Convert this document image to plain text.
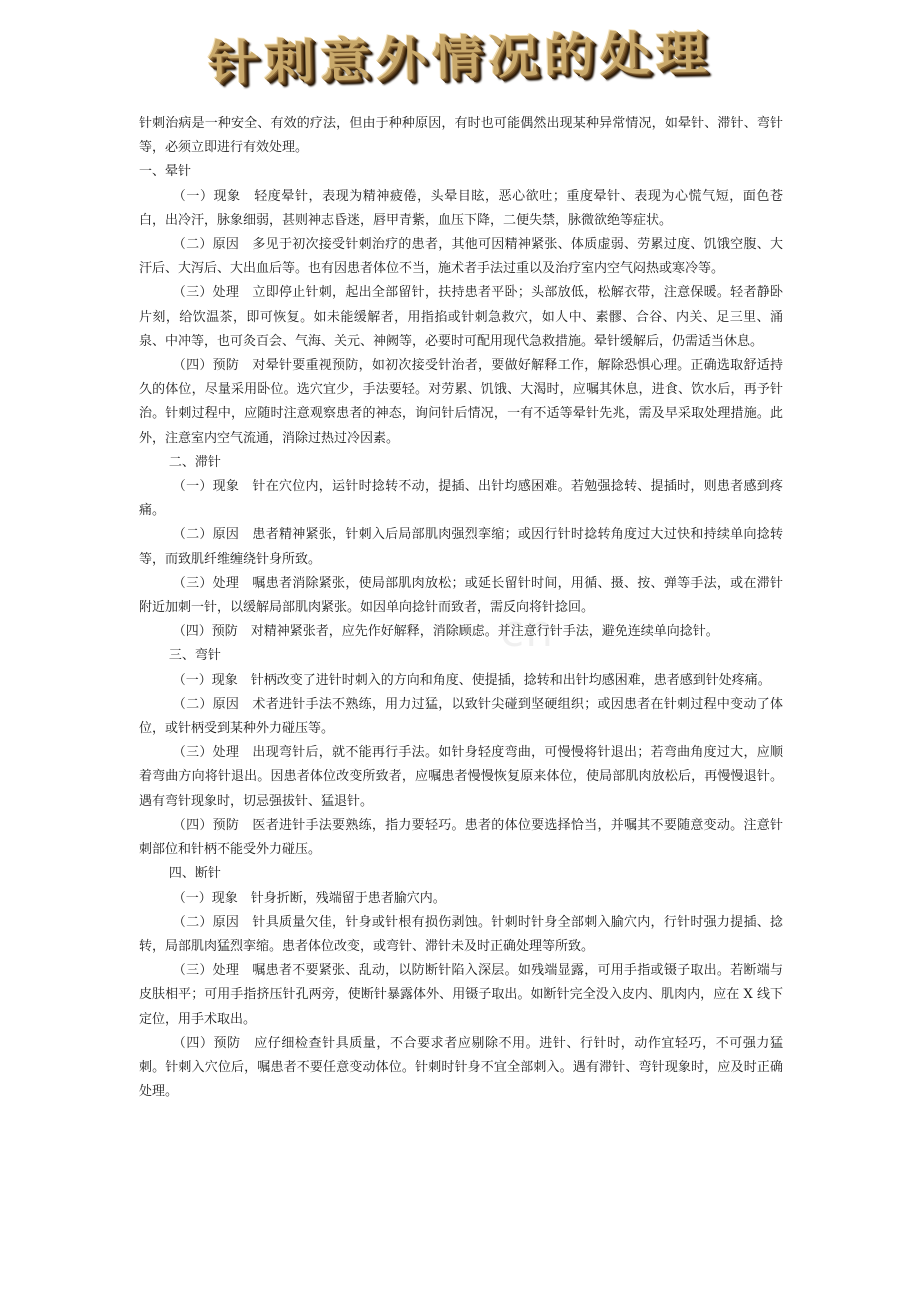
针刺意外情况的处理
cn

针刺治病是一种安全、有效的疗法，但由于种种原因，有时也可能偶然出现某种异常情况，如晕针、滞针、弯针等，必须立即进行有效处理。

一、晕针

（一）现象　轻度晕针，表现为精神疲倦，头晕目眩，恶心欲吐；重度晕针、表现为心慌气短，面色苍白，出冷汗，脉象细弱，甚则神志昏迷，唇甲青紫，血压下降，二便失禁，脉微欲绝等症状。

（二）原因　多见于初次接受针刺治疗的患者，其他可因精神紧张、体质虚弱、劳累过度、饥饿空腹、大汗后、大泻后、大出血后等。也有因患者体位不当，施术者手法过重以及治疗室内空气闷热或寒冷等。

（三）处理　立即停止针刺，起出全部留针，扶持患者平卧；头部放低，松解衣带，注意保暖。轻者静卧片刻，给饮温茶，即可恢复。如未能缓解者，用指掐或针刺急救穴，如人中、素髎、合谷、内关、足三里、涌泉、中冲等，也可灸百会、气海、关元、神阙等，必要时可配用现代急救措施。晕针缓解后，仍需适当休息。

（四）预防　对晕针要重视预防，如初次接受针治者，要做好解释工作，解除恐惧心理。正确选取舒适持久的体位，尽量采用卧位。选穴宜少，手法要轻。对劳累、饥饿、大渴时，应嘱其休息，进食、饮水后，再予针治。针刺过程中，应随时注意观察患者的神态，询问针后情况，一有不适等晕针先兆，需及早采取处理措施。此外，注意室内空气流通，消除过热过冷因素。

二、滞针

（一）现象　针在穴位内，运针时捻转不动，提插、出针均感困难。若勉强捻转、提插时，则患者感到疼痛。

（二）原因　患者精神紧张，针刺入后局部肌肉强烈挛缩；或因行针时捻转角度过大过快和持续单向捻转等，而致肌纤维缠绕针身所致。

（三）处理　嘱患者消除紧张，使局部肌肉放松；或延长留针时间，用循、摄、按、弹等手法，或在滞针附近加刺一针，以缓解局部肌肉紧张。如因单向捻针而致者，需反向将针捻回。

（四）预防　对精神紧张者，应先作好解释，消除顾虑。并注意行针手法，避免连续单向捻针。

三、弯针

（一）现象　针柄改变了进针时刺入的方向和角度、使提插，捻转和出针均感困难，患者感到针处疼痛。

（二）原因　术者进针手法不熟练，用力过猛，以致针尖碰到坚硬组织；或因患者在针刺过程中变动了体位，或针柄受到某种外力碰压等。

（三）处理　出现弯针后，就不能再行手法。如针身轻度弯曲，可慢慢将针退出；若弯曲角度过大，应顺着弯曲方向将针退出。因患者体位改变所致者，应嘱患者慢慢恢复原来体位，使局部肌肉放松后，再慢慢退针。遇有弯针现象时，切忌强拔针、猛退针。

（四）预防　医者进针手法要熟练，指力要轻巧。患者的体位要选择恰当，并嘱其不要随意变动。注意针刺部位和针柄不能受外力碰压。

四、断针

（一）现象　针身折断，残端留于患者腧穴内。

（二）原因　针具质量欠佳，针身或针根有损伤剥蚀。针刺时针身全部刺入腧穴内，行针时强力提插、捻转，局部肌肉猛烈挛缩。患者体位改变，或弯针、滞针未及时正确处理等所致。

（三）处理　嘱患者不要紧张、乱动，以防断针陷入深层。如残端显露，可用手指或镊子取出。若断端与皮肤相平；可用手指挤压针孔两旁，使断针暴露体外、用镊子取出。如断针完全没入皮内、肌肉内，应在 X 线下定位，用手术取出。

（四）预防　应仔细检查针具质量，不合要求者应剔除不用。进针、行针时，动作宜轻巧，不可强力猛刺。针刺入穴位后，嘱患者不要任意变动体位。针刺时针身不宜全部刺入。遇有滞针、弯针现象时，应及时正确处理。
